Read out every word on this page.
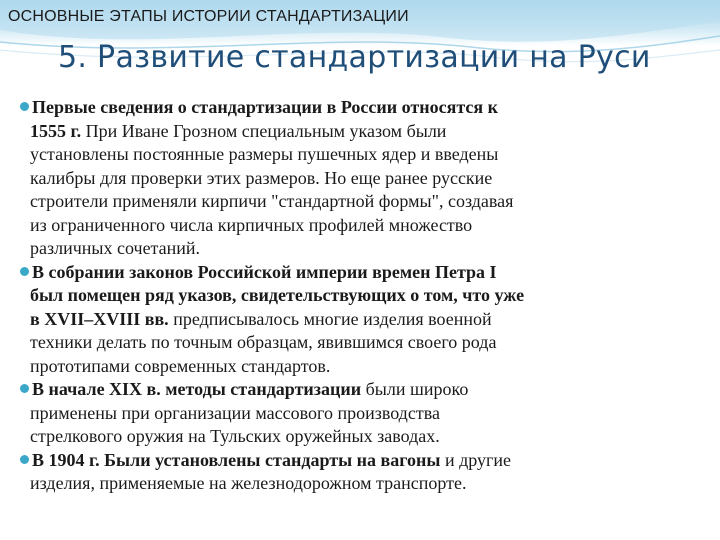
ОСНОВНЫЕ ЭТАПЫ ИСТОРИИ СТАНДАРТИЗАЦИИ
5. Развитие стандартизации на Руси
Первые сведения о стандартизации в России относятся к
1555 г. При Иване Грозном специальным указом были
установлены постоянные размеры пушечных ядер и введены
калибры для проверки этих размеров. Но еще ранее русские
строители применяли кирпичи "стандартной формы", создавая
из ограниченного числа кирпичных профилей множество
различных сочетаний.
В собрании законов Российской империи времен Петра I
был помещен ряд указов, свидетельствующих о том, что уже
в XVII–XVIII вв. предписывалось многие изделия военной
техники делать по точным образцам, явившимся своего рода
прототипами современных стандартов.
В начале XIX в. методы стандартизации были широко
применены при организации массового производства
стрелкового оружия на Тульских оружейных заводах.
В 1904 г. Были установлены стандарты на вагоны и другие
изделия, применяемые на железнодорожном транспорте.
